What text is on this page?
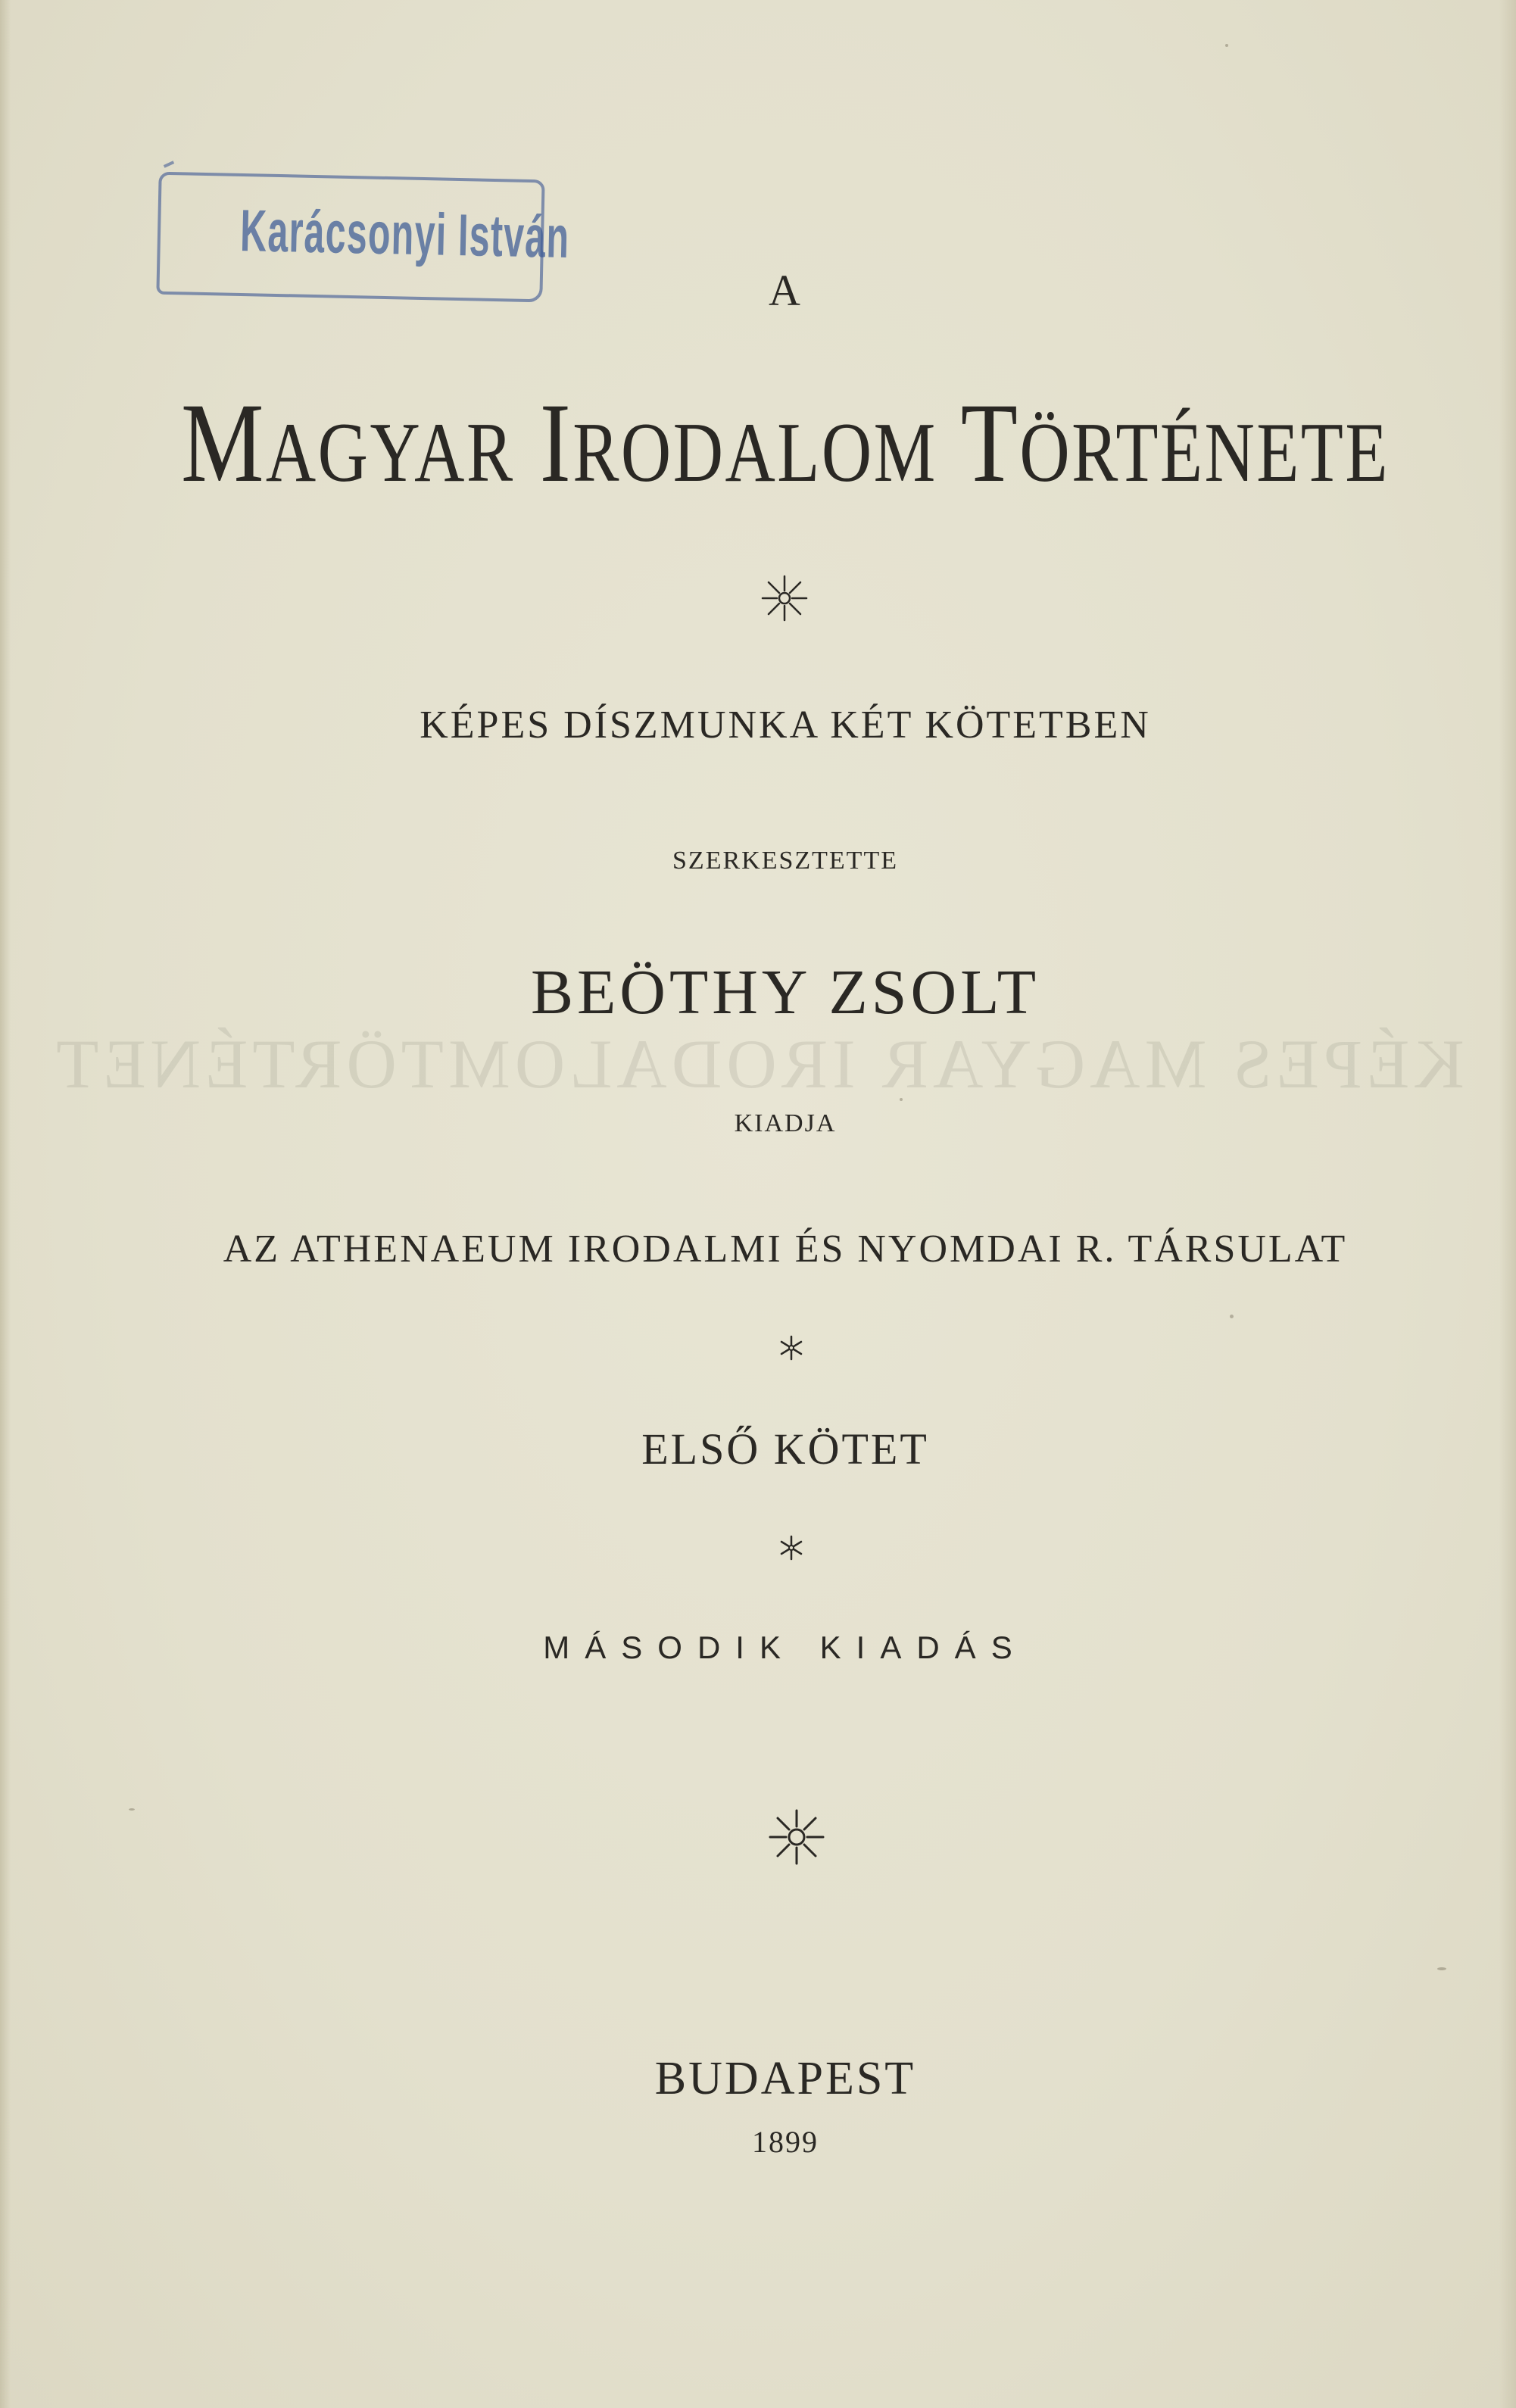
Karácsonyi István
A
MAGYAR IRODALOM TÖRTÉNETE
KÉPES DÍSZMUNKA KÉT KÖTETBEN
SZERKESZTETTE
BEÖTHY ZSOLT
KÉPES MAGYAR IRODALOMTÖRTÉNET
KIADJA
AZ ATHENAEUM IRODALMI ÉS NYOMDAI R. TÁRSULAT
ELSŐ KÖTET
MÁSODIK KIADÁS
BUDAPEST
1899
